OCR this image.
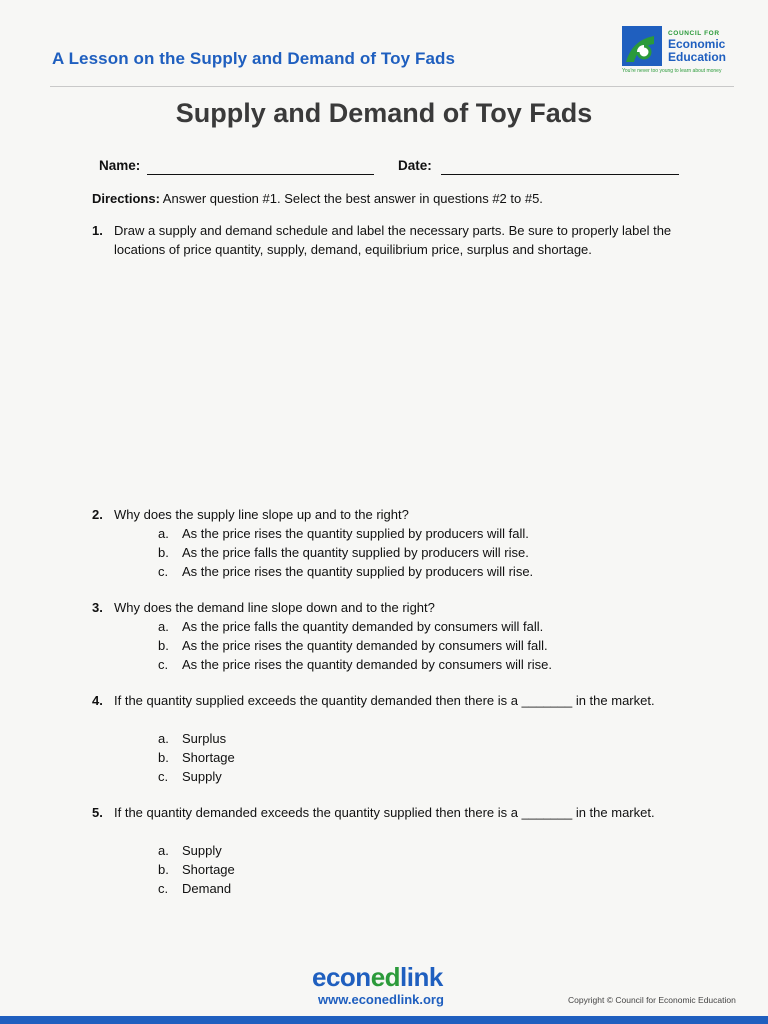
A Lesson on the Supply and Demand of Toy Fads
COUNCIL FOR
Economic
Education
You're never too young to learn about money
Supply and Demand of Toy Fads
Name:	Date:
Directions: Answer question #1. Select the best answer in questions #2 to #5.
1. Draw a supply and demand schedule and label the necessary parts. Be sure to properly label the locations of price quantity, supply, demand, equilibrium price, surplus and shortage.
2. Why does the supply line slope up and to the right?
a.	As the price rises the quantity supplied by producers will fall.
b.	As the price falls the quantity supplied by producers will rise.
c.	As the price rises the quantity supplied by producers will rise.
3. Why does the demand line slope down and to the right?
a.	As the price falls the quantity demanded by consumers will fall.
b.	As the price rises the quantity demanded by consumers will fall.
c.	As the price rises the quantity demanded by consumers will rise.
4. If the quantity supplied exceeds the quantity demanded then there is a _______ in the market.
a.	Surplus
b.	Shortage
c.	Supply
5. If the quantity demanded exceeds the quantity supplied then there is a _______ in the market.
a.	Supply
b.	Shortage
c.	Demand
econedlink
www.econedlink.org	Copyright © Council for Economic Education
